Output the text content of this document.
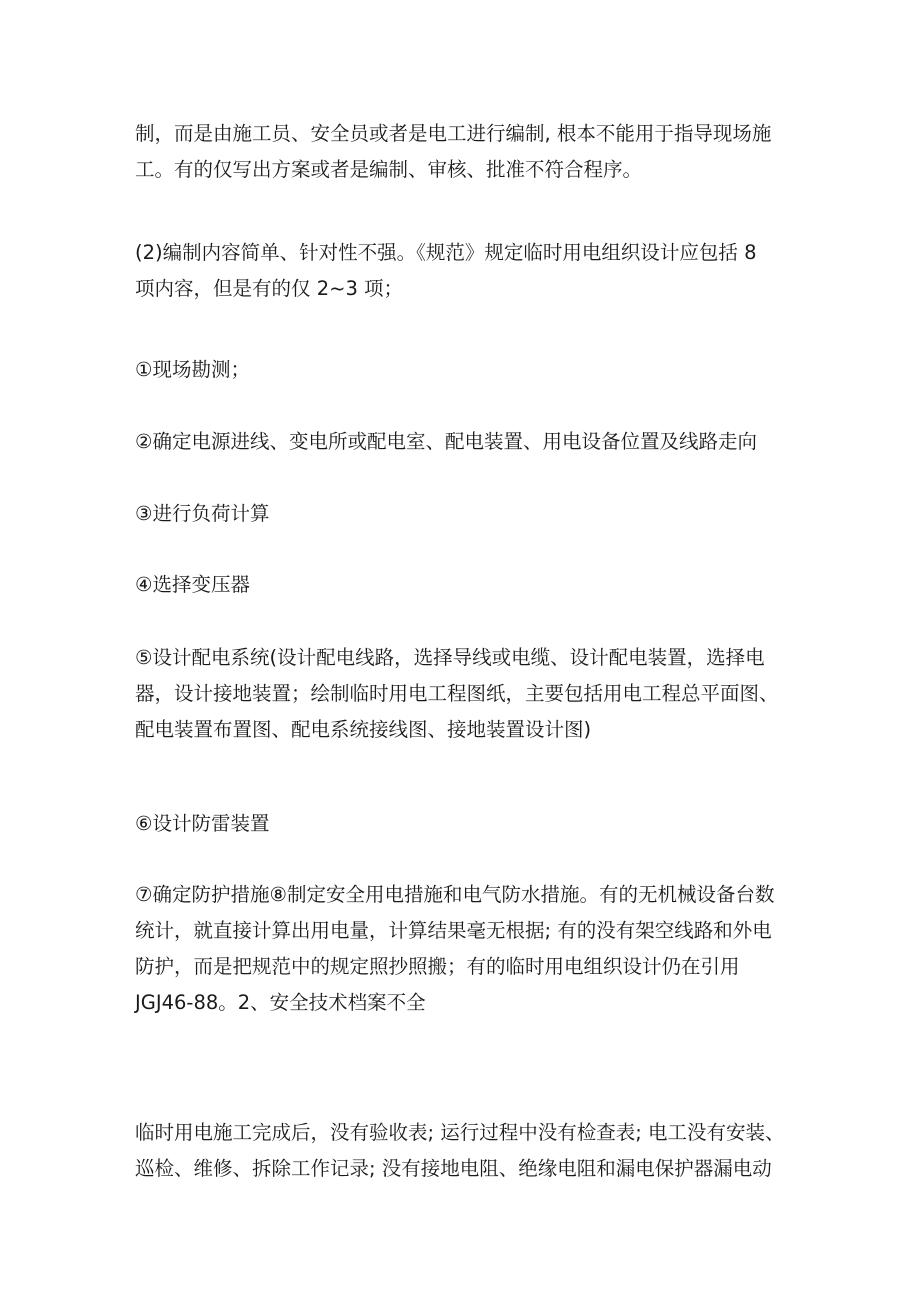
制，而是由施工员、安全员或者是电工进行编制, 根本不能用于指导现场施
工。有的仅写出方案或者是编制、审核、批准不符合程序。
(2)编制内容简单、针对性不强。《规范》规定临时用电组织设计应包括 8
项内容，但是有的仅 2~3 项；
①现场勘测；
②确定电源进线、变电所或配电室、配电装置、用电设备位置及线路走向
③进行负荷计算
④选择变压器
⑤设计配电系统(设计配电线路，选择导线或电缆、设计配电装置，选择电
器，设计接地装置；绘制临时用电工程图纸，主要包括用电工程总平面图、
配电装置布置图、配电系统接线图、接地装置设计图)
⑥设计防雷装置
⑦确定防护措施⑧制定安全用电措施和电气防水措施。有的无机械设备台数
统计，就直接计算出用电量，计算结果毫无根据; 有的没有架空线路和外电
防护，而是把规范中的规定照抄照搬；有的临时用电组织设计仍在引用
JGJ46-88。2、安全技术档案不全
临时用电施工完成后，没有验收表; 运行过程中没有检查表; 电工没有安装、
巡检、维修、拆除工作记录; 没有接地电阻、绝缘电阻和漏电保护器漏电动
